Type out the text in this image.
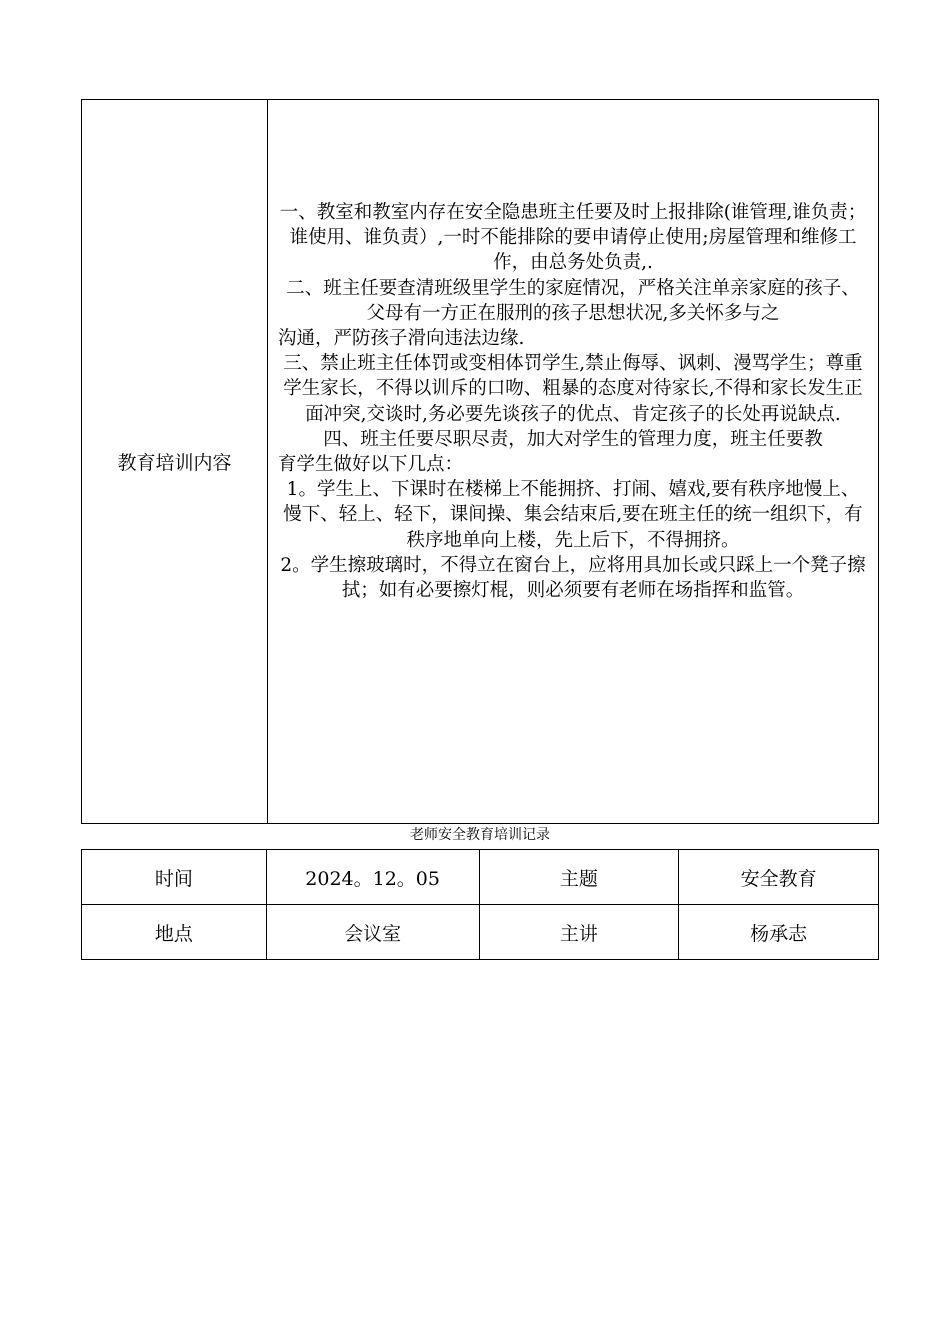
教育培训内容

一、教室和教室内存在安全隐患班主任要及时上报排除(谁管理,谁负责；谁使用、谁负责）,一时不能排除的要申请停止使用;房屋管理和维修工作，由总务处负责,.

二、班主任要查清班级里学生的家庭情况，严格关注单亲家庭的孩子、父母有一方正在服刑的孩子思想状况,多关怀多与之

沟通，严防孩子滑向违法边缘.

三、禁止班主任体罚或变相体罚学生,禁止侮辱、讽刺、漫骂学生；尊重学生家长，不得以训斥的口吻、粗暴的态度对待家长,不得和家长发生正面冲突,交谈时,务必要先谈孩子的优点、肯定孩子的长处再说缺点.

四、班主任要尽职尽责，加大对学生的管理力度，班主任要教

育学生做好以下几点：

1。学生上、下课时在楼梯上不能拥挤、打闹、嬉戏,要有秩序地慢上、慢下、轻上、轻下，课间操、集会结束后,要在班主任的统一组织下，有秩序地单向上楼，先上后下，不得拥挤。

2。学生擦玻璃时，不得立在窗台上，应将用具加长或只踩上一个凳子擦拭；如有必要擦灯棍，则必须要有老师在场指挥和监管。

老师安全教育培训记录
时间	2024。12。05	主题	安全教育
地点	会议室	主讲	杨承志
